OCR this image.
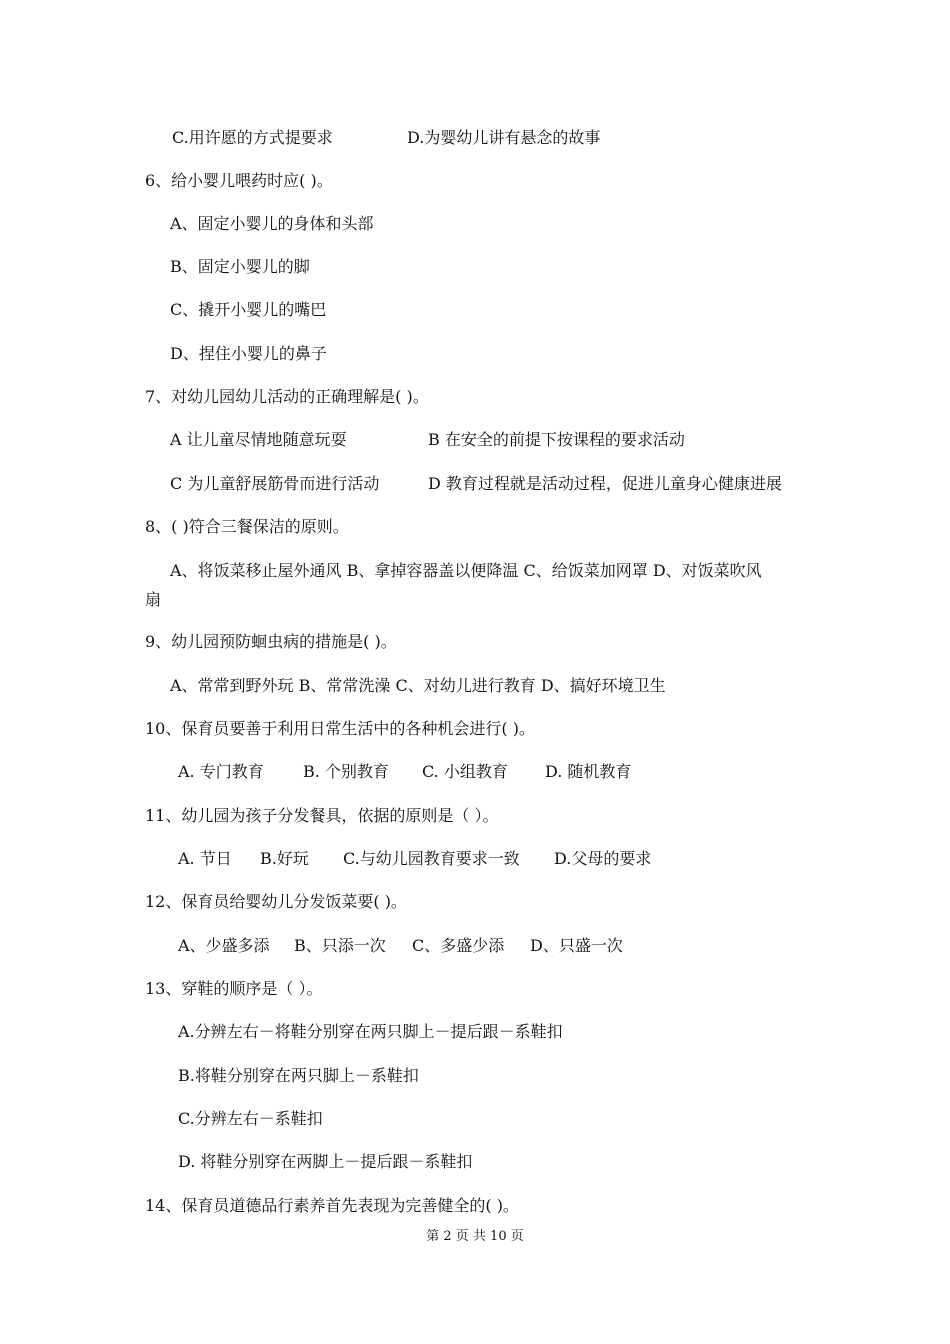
C.用许愿的方式提要求	D.为婴幼儿讲有悬念的故事
6、给小婴儿喂药时应( )。
A、固定小婴儿的身体和头部
B、固定小婴儿的脚
C、撬开小婴儿的嘴巴
D、捏住小婴儿的鼻子
7、对幼儿园幼儿活动的正确理解是( )。
A 让儿童尽情地随意玩耍	B 在安全的前提下按课程的要求活动
C 为儿童舒展筋骨而进行活动	D 教育过程就是活动过程，促进儿童身心健康进展
8、( )符合三餐保洁的原则。
A、将饭菜移止屋外通风 B、拿掉容器盖以便降温 C、给饭菜加网罩 D、对饭菜吹风
扇
9、幼儿园预防蛔虫病的措施是( )。
A、常常到野外玩 B、常常洗澡 C、对幼儿进行教育 D、搞好环境卫生
10、保育员要善于利用日常生活中的各种机会进行( )。
A. 专门教育 B. 个别教育 C. 小组教育 D. 随机教育
11、幼儿园为孩子分发餐具，依据的原则是（ ）。
A. 节日 B.好玩 C.与幼儿园教育要求一致 D.父母的要求
12、保育员给婴幼儿分发饭菜要( )。
A、少盛多添 B、只添一次 C、多盛少添 D、只盛一次
13、穿鞋的顺序是（ ）。
A.分辨左右－将鞋分别穿在两只脚上－提后跟－系鞋扣
B.将鞋分别穿在两只脚上－系鞋扣
C.分辨左右－系鞋扣
D. 将鞋分别穿在两脚上－提后跟－系鞋扣
14、保育员道德品行素养首先表现为完善健全的( )。
第 2 页 共 10 页
